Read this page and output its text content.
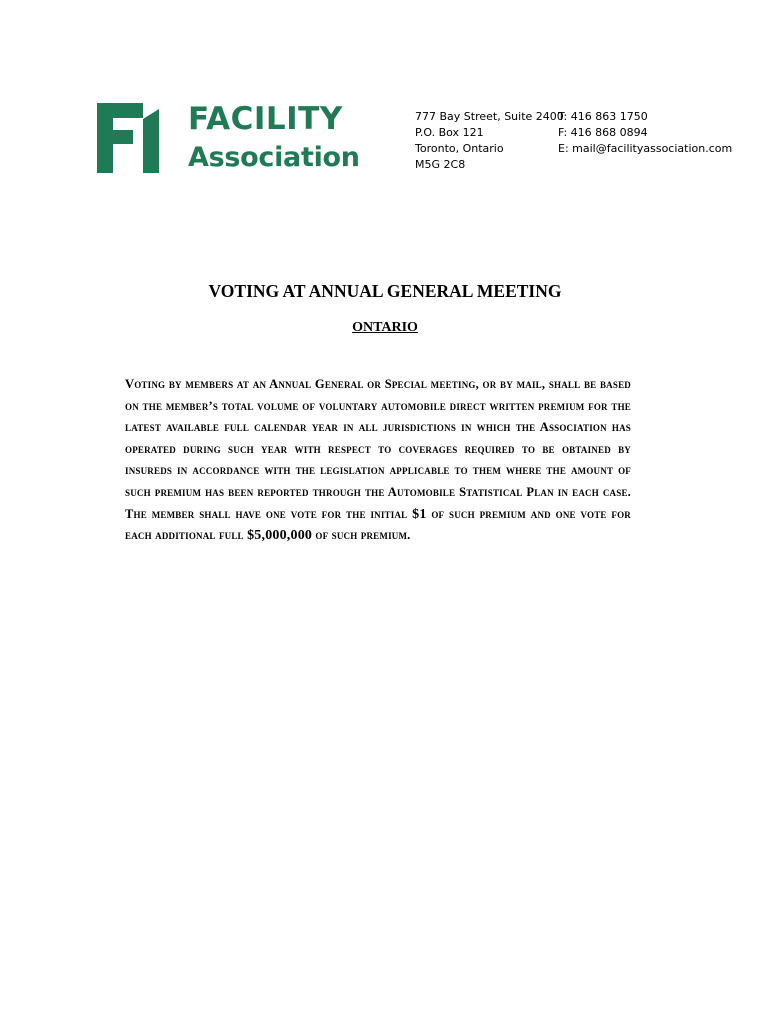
FACILITY
Association
777 Bay Street, Suite 2400
P.O. Box 121
Toronto, Ontario
M5G 2C8
T: 416 863 1750
F: 416 868 0894
E: mail@facilityassociation.com
VOTING AT ANNUAL GENERAL MEETING
ONTARIO
Voting by members at an Annual General or Special meeting, or by mail, shall be based on the member’s total volume of voluntary automobile direct written premium for the latest available full calendar year in all jurisdictions in which the Association has operated during such year with respect to coverages required to be obtained by insureds in accordance with the legislation applicable to them where the amount of such premium has been reported through the Automobile Statistical Plan in each case. The member shall have one vote for the initial $1 of such premium and one vote for each additional full $5,000,000 of such premium.
